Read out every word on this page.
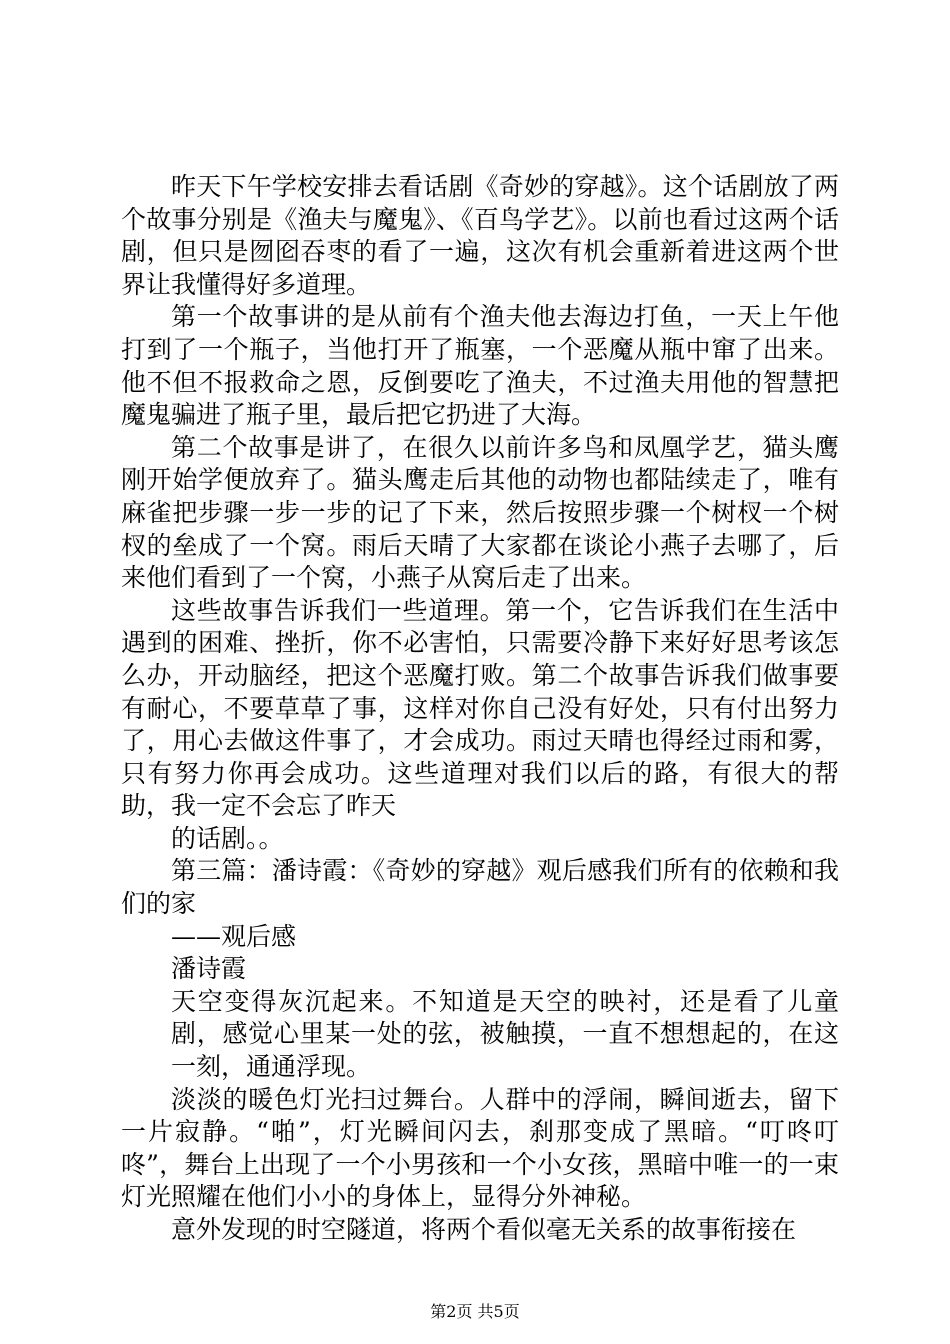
昨天下午学校安排去看话剧《奇妙的穿越》。这个话剧放了两个故事分别是《渔夫与魔鬼》、《百鸟学艺》。以前也看过这两个话剧，但只是囫囵吞枣的看了一遍，这次有机会重新着进这两个世界让我懂得好多道理。

第一个故事讲的是从前有个渔夫他去海边打鱼，一天上午他打到了一个瓶子，当他打开了瓶塞，一个恶魔从瓶中窜了出来。他不但不报救命之恩，反倒要吃了渔夫，不过渔夫用他的智慧把魔鬼骗进了瓶子里，最后把它扔进了大海。

第二个故事是讲了，在很久以前许多鸟和凤凰学艺，猫头鹰刚开始学便放弃了。猫头鹰走后其他的动物也都陆续走了，唯有麻雀把步骤一步一步的记了下来，然后按照步骤一个树杈一个树杈的垒成了一个窝。雨后天晴了大家都在谈论小燕子去哪了，后来他们看到了一个窝，小燕子从窝后走了出来。

这些故事告诉我们一些道理。第一个，它告诉我们在生活中遇到的困难、挫折，你不必害怕，只需要冷静下来好好思考该怎么办，开动脑经，把这个恶魔打败。第二个故事告诉我们做事要有耐心，不要草草了事，这样对你自己没有好处，只有付出努力了，用心去做这件事了，才会成功。雨过天晴也得经过雨和雾，只有努力你再会成功。这些道理对我们以后的路，有很大的帮助，我一定不会忘了昨天

的话剧。。

第三篇：潘诗霞：《奇妙的穿越》观后感我们所有的依赖和我们的家

——观后感

潘诗霞

天空变得灰沉起来。不知道是天空的映衬，还是看了儿童剧，感觉心里某一处的弦，被触摸，一直不想想起的，在这一刻，通通浮现。

淡淡的暖色灯光扫过舞台。人群中的浮闹，瞬间逝去，留下一片寂静。“啪”，灯光瞬间闪去，刹那变成了黑暗。“叮咚叮咚”，舞台上出现了一个小男孩和一个小女孩，黑暗中唯一的一束灯光照耀在他们小小的身体上，显得分外神秘。

意外发现的时空隧道，将两个看似毫无关系的故事衔接在

第2页 共5页
